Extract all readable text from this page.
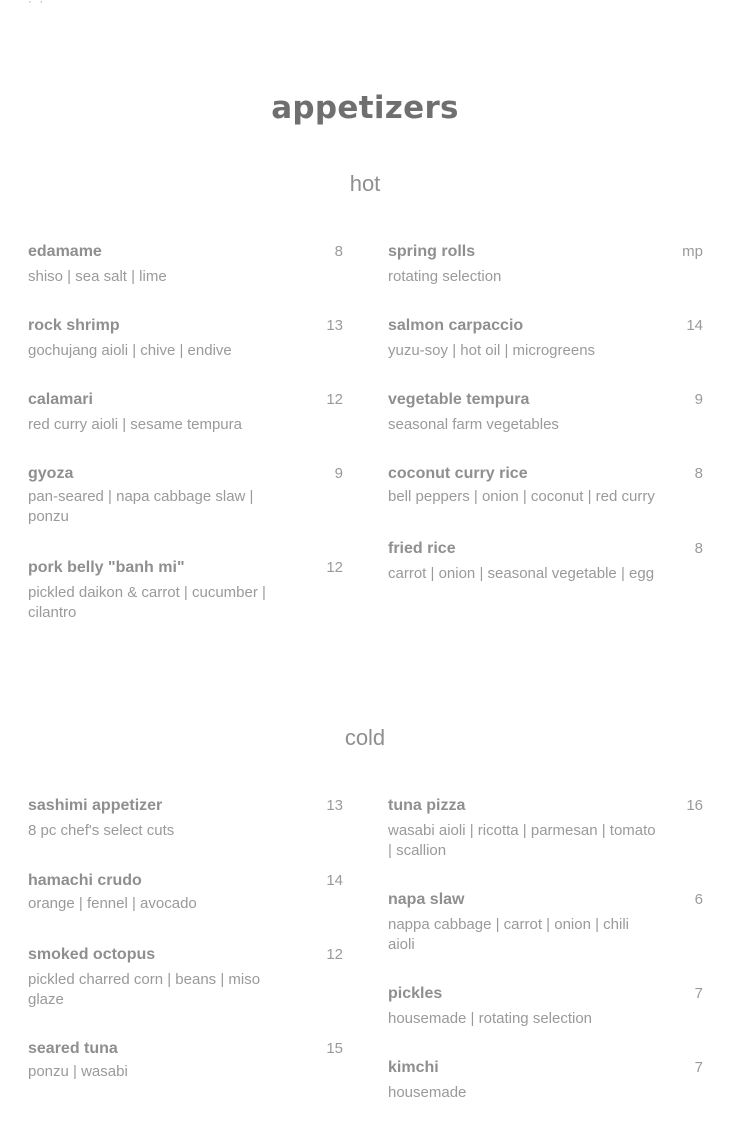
· ·
appetizers
hot
edamame	8
shiso | sea salt | lime
rock shrimp	13
gochujang aioli | chive | endive
calamari	12
red curry aioli | sesame tempura
gyoza	9
pan-seared | napa cabbage slaw | ponzu
pork belly "banh mi"	12
pickled daikon & carrot | cucumber | cilantro
spring rolls	mp
rotating selection
salmon carpaccio	14
yuzu-soy | hot oil | microgreens
vegetable tempura	9
seasonal farm vegetables
coconut curry rice	8
bell peppers | onion | coconut | red curry
fried rice	8
carrot | onion | seasonal vegetable | egg
cold
sashimi appetizer	13
8 pc chef's select cuts
hamachi crudo	14
orange | fennel | avocado
smoked octopus	12
pickled charred corn | beans | miso glaze
seared tuna	15
ponzu | wasabi
tuna pizza	16
wasabi aioli | ricotta | parmesan | tomato | scallion
napa slaw	6
nappa cabbage | carrot | onion | chili aioli
pickles	7
housemade | rotating selection
kimchi	7
housemade
